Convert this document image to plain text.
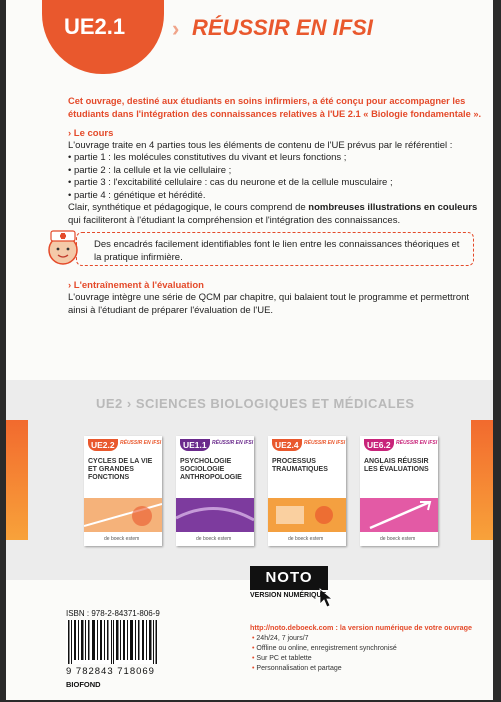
UE2.1 › RÉUSSIR EN IFSI
Cet ouvrage, destiné aux étudiants en soins infirmiers, a été conçu pour accompagner les étudiants dans l'intégration des connaissances relatives à l'UE 2.1 « Biologie fondamentale ».
› Le cours
L'ouvrage traite en 4 parties tous les éléments de contenu de l'UE prévus par le référentiel :
• partie 1 : les molécules constitutives du vivant et leurs fonctions ;
• partie 2 : la cellule et la vie cellulaire ;
• partie 3 : l'excitabilité cellulaire : cas du neurone et de la cellule musculaire ;
• partie 4 : génétique et hérédité.
Clair, synthétique et pédagogique, le cours comprend de nombreuses illustrations en couleurs qui faciliteront à l'étudiant la compréhension et l'intégration des connaissances.
Des encadrés facilement identifiables font le lien entre les connaissances théoriques et la pratique infirmière.
› L'entraînement à l'évaluation
L'ouvrage intègre une série de QCM par chapitre, qui balaient tout le programme et permettront ainsi à l'étudiant de préparer l'évaluation de l'UE.
UE2 › SCIENCES BIOLOGIQUES ET MÉDICALES
UE2.2	RÉUSSIR EN IFSI
CYCLES DE LA VIE ET GRANDES FONCTIONS
de boeck estem
UE1.1	RÉUSSIR EN IFSI
PSYCHOLOGIE SOCIOLOGIE ANTHROPOLOGIE
de boeck estem
UE2.4	RÉUSSIR EN IFSI
PROCESSUS TRAUMATIQUES
de boeck estem
UE6.2	RÉUSSIR EN IFSI
ANGLAIS RÉUSSIR LES ÉVALUATIONS
de boeck estem
NOTO
VERSION NUMÉRIQUE
http://noto.deboeck.com : la version numérique de votre ouvrage
• 24h/24, 7 jours/7
• Offline ou online, enregistrement synchronisé
• Sur PC et tablette
• Personnalisation et partage
ISBN : 978-2-84371-806-9
9 782843 718069
BIOFOND
